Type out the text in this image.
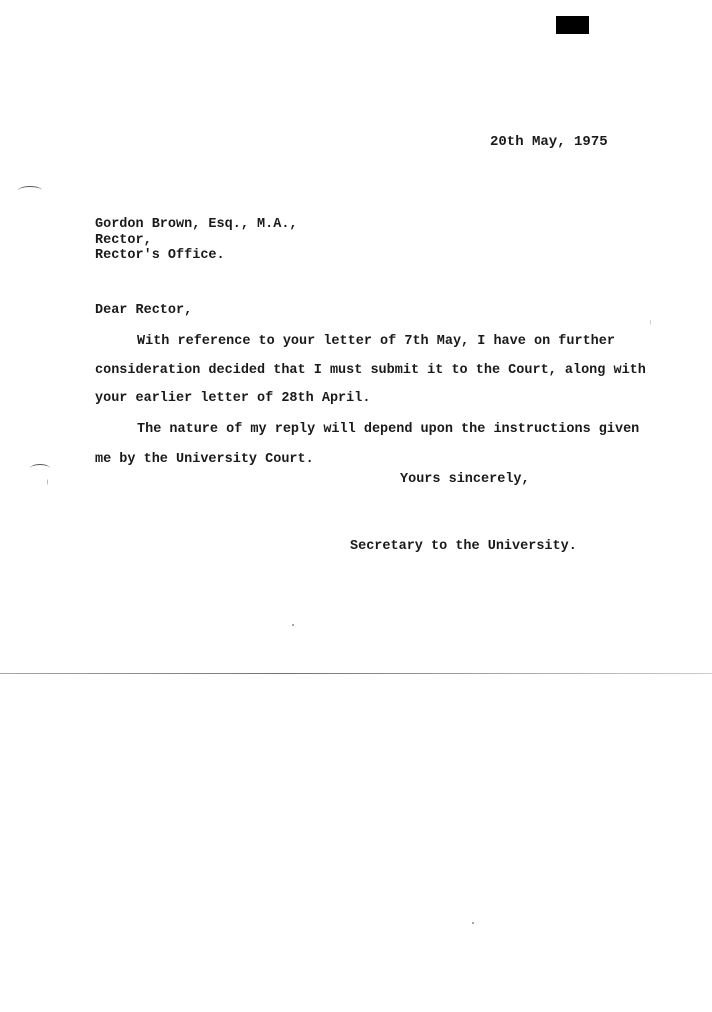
20th May, 1975
Gordon Brown, Esq., M.A.,
Rector,
Rector's Office.
Dear Rector,
With reference to your letter of 7th May, I have on further
consideration decided that I must submit it to the Court, along with
your earlier letter of 28th April.
The nature of my reply will depend upon the instructions given
me by the University Court.
Yours sincerely,
Secretary to the University.
